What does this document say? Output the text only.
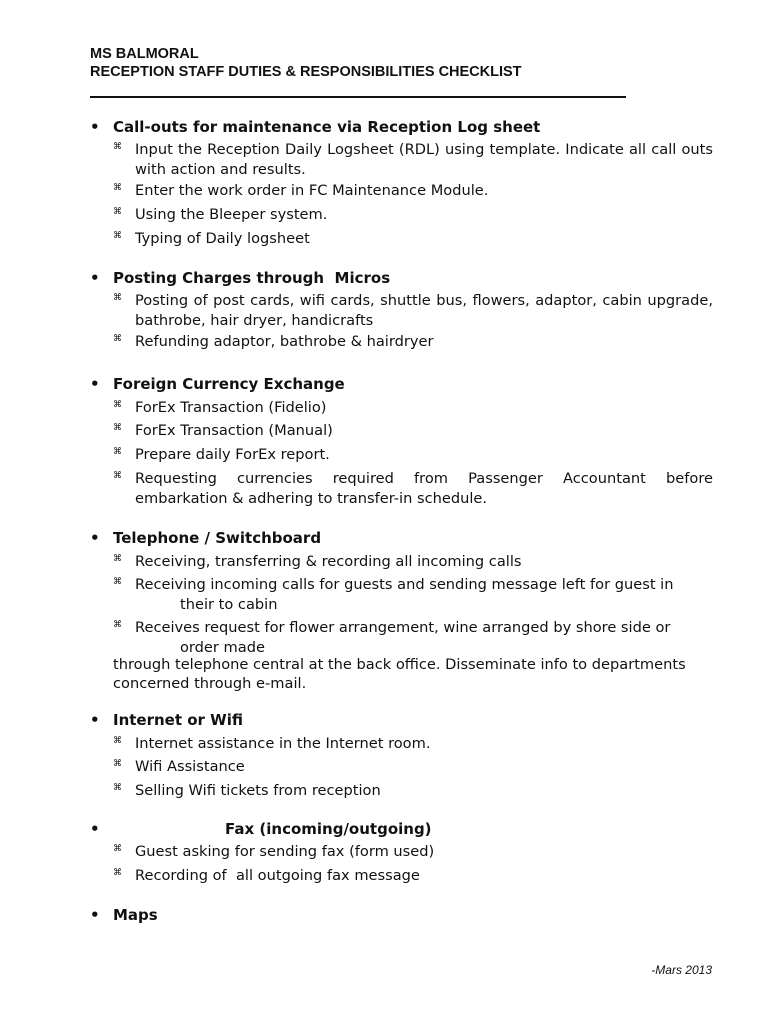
MS BALMORAL

RECEPTION STAFF DUTIES & RESPONSIBILITIES CHECKLIST

• Call-outs for maintenance via Reception Log sheet
⌘ Input the Reception Daily Logsheet (RDL) using template. Indicate all call outs with action and results.
⌘ Enter the work order in FC Maintenance Module.
⌘ Using the Bleeper system.
⌘ Typing of Daily logsheet
• Posting Charges through  Micros
⌘ Posting of post cards, wifi cards, shuttle bus, flowers, adaptor, cabin upgrade, bathrobe, hair dryer, handicrafts
⌘ Refunding adaptor, bathrobe & hairdryer
• Foreign Currency Exchange
⌘ ForEx Transaction (Fidelio)
⌘ ForEx Transaction (Manual)
⌘ Prepare daily ForEx report.
⌘ Requesting currencies required from Passenger Accountant before embarkation & adhering to transfer-in schedule.
• Telephone / Switchboard
⌘ Receiving, transferring & recording all incoming calls
⌘ Receiving incoming calls for guests and sending message left for guest in
their to cabin
⌘ Receives request for flower arrangement, wine arranged by shore side or
order made
through telephone central at the back office. Disseminate info to departments
concerned through e-mail.
• Internet or Wifi
⌘ Internet assistance in the Internet room.
⌘ Wifi Assistance
⌘ Selling Wifi tickets from reception
•	Fax (incoming/outgoing)
⌘ Guest asking for sending fax (form used)
⌘ Recording of  all outgoing fax message
• Maps
-Mars 2013
